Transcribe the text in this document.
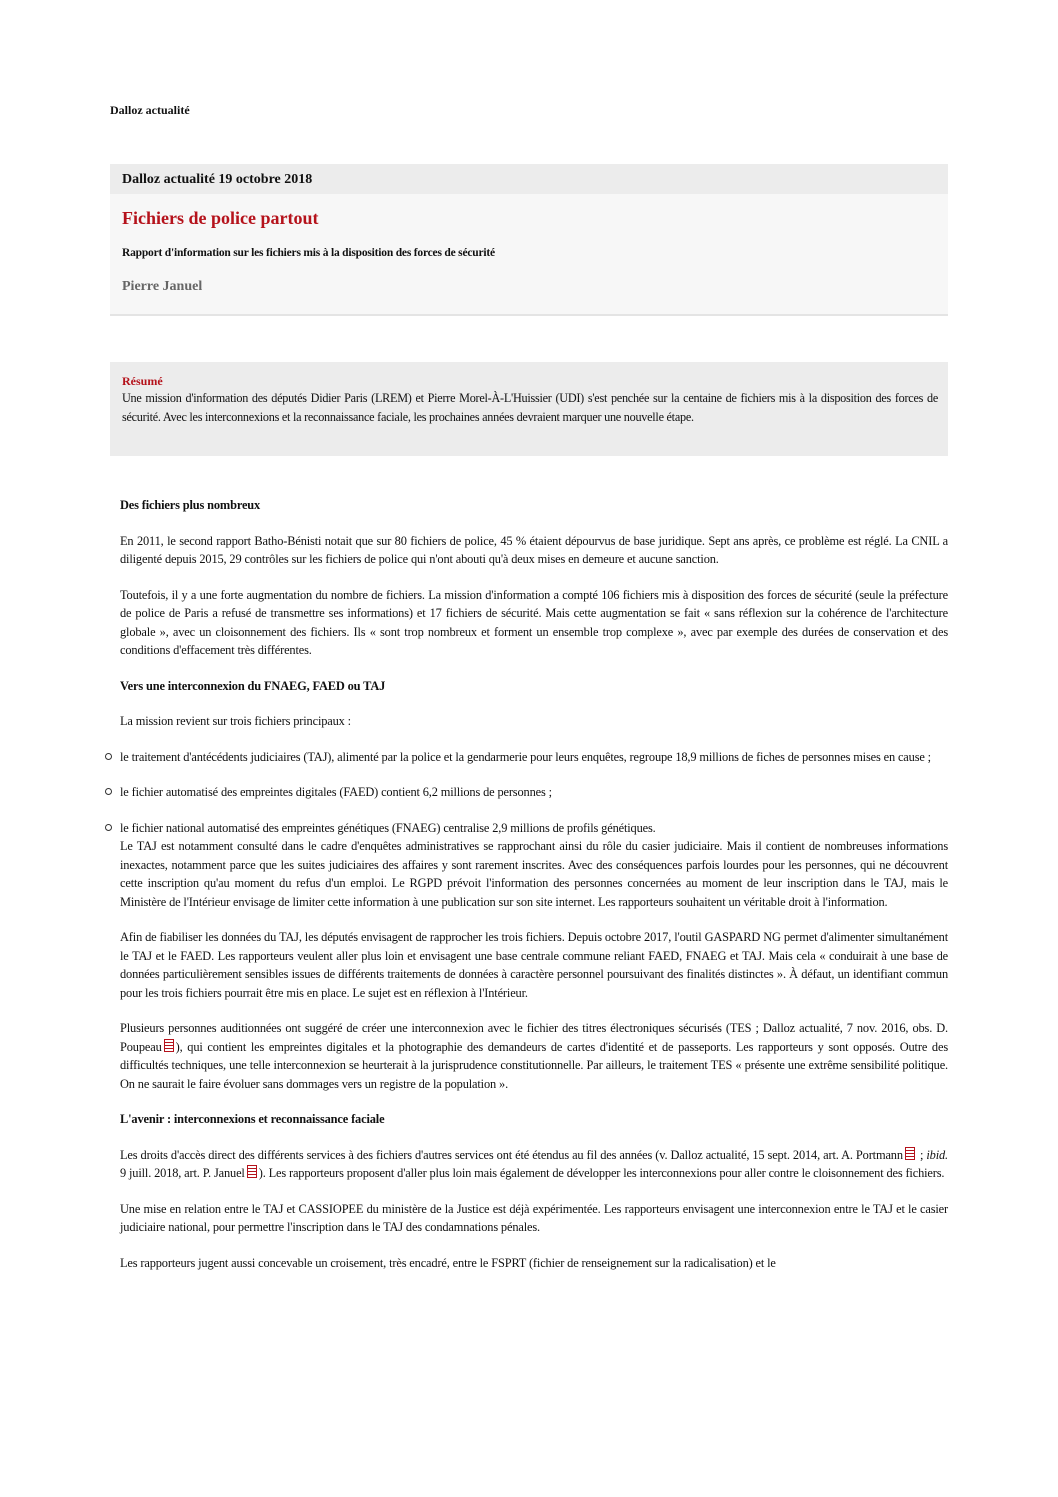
Dalloz actualité
Dalloz actualité 19 octobre 2018
Fichiers de police partout
Rapport d'information sur les fichiers mis à la disposition des forces de sécurité
Pierre Januel
Résumé
Une mission d'information des députés Didier Paris (LREM) et Pierre Morel-À-L'Huissier (UDI) s'est penchée sur la centaine de fichiers mis à la disposition des forces de sécurité. Avec les interconnexions et la reconnaissance faciale, les prochaines années devraient marquer une nouvelle étape.
Des fichiers plus nombreux

En 2011, le second rapport Batho-Bénisti notait que sur 80 fichiers de police, 45 % étaient dépourvus de base juridique. Sept ans après, ce problème est réglé. La CNIL a diligenté depuis 2015, 29 contrôles sur les fichiers de police qui n'ont abouti qu'à deux mises en demeure et aucune sanction.

Toutefois, il y a une forte augmentation du nombre de fichiers. La mission d'information a compté 106 fichiers mis à disposition des forces de sécurité (seule la préfecture de police de Paris a refusé de transmettre ses informations) et 17 fichiers de sécurité. Mais cette augmentation se fait « sans réflexion sur la cohérence de l'architecture globale », avec un cloisonnement des fichiers. Ils « sont trop nombreux et forment un ensemble trop complexe », avec par exemple des durées de conservation et des conditions d'effacement très différentes.

Vers une interconnexion du FNAEG, FAED ou TAJ

La mission revient sur trois fichiers principaux :

le traitement d'antécédents judiciaires (TAJ), alimenté par la police et la gendarmerie pour leurs enquêtes, regroupe 18,9 millions de fiches de personnes mises en cause ;
le fichier automatisé des empreintes digitales (FAED) contient 6,2 millions de personnes ;
le fichier national automatisé des empreintes génétiques (FNAEG) centralise 2,9 millions de profils génétiques.

Le TAJ est notamment consulté dans le cadre d'enquêtes administratives se rapprochant ainsi du rôle du casier judiciaire. Mais il contient de nombreuses informations inexactes, notamment parce que les suites judiciaires des affaires y sont rarement inscrites. Avec des conséquences parfois lourdes pour les personnes, qui ne découvrent cette inscription qu'au moment du refus d'un emploi. Le RGPD prévoit l'information des personnes concernées au moment de leur inscription dans le TAJ, mais le Ministère de l'Intérieur envisage de limiter cette information à une publication sur son site internet. Les rapporteurs souhaitent un véritable droit à l'information.

Afin de fiabiliser les données du TAJ, les députés envisagent de rapprocher les trois fichiers. Depuis octobre 2017, l'outil GASPARD NG permet d'alimenter simultanément le TAJ et le FAED. Les rapporteurs veulent aller plus loin et envisagent une base centrale commune reliant FAED, FNAEG et TAJ. Mais cela « conduirait à une base de données particulièrement sensibles issues de différents traitements de données à caractère personnel poursuivant des finalités distinctes ». À défaut, un identifiant commun pour les trois fichiers pourrait être mis en place. Le sujet est en réflexion à l'Intérieur.

Plusieurs personnes auditionnées ont suggéré de créer une interconnexion avec le fichier des titres électroniques sécurisés (TES ; Dalloz actualité, 7 nov. 2016, obs. D. Poupeau ), qui contient les empreintes digitales et la photographie des demandeurs de cartes d'identité et de passeports. Les rapporteurs y sont opposés. Outre des difficultés techniques, une telle interconnexion se heurterait à la jurisprudence constitutionnelle. Par ailleurs, le traitement TES « présente une extrême sensibilité politique. On ne saurait le faire évoluer sans dommages vers un registre de la population ».

L'avenir : interconnexions et reconnaissance faciale

Les droits d'accès direct des différents services à des fichiers d'autres services ont été étendus au fil des années (v. Dalloz actualité, 15 sept. 2014, art. A. Portmann ; ibid. 9 juill. 2018, art. P. Januel ). Les rapporteurs proposent d'aller plus loin mais également de développer les interconnexions pour aller contre le cloisonnement des fichiers.

Une mise en relation entre le TAJ et CASSIOPEE du ministère de la Justice est déjà expérimentée. Les rapporteurs envisagent une interconnexion entre le TAJ et le casier judiciaire national, pour permettre l'inscription dans le TAJ des condamnations pénales.

Les rapporteurs jugent aussi concevable un croisement, très encadré, entre le FSPRT (fichier de renseignement sur la radicalisation) et le
